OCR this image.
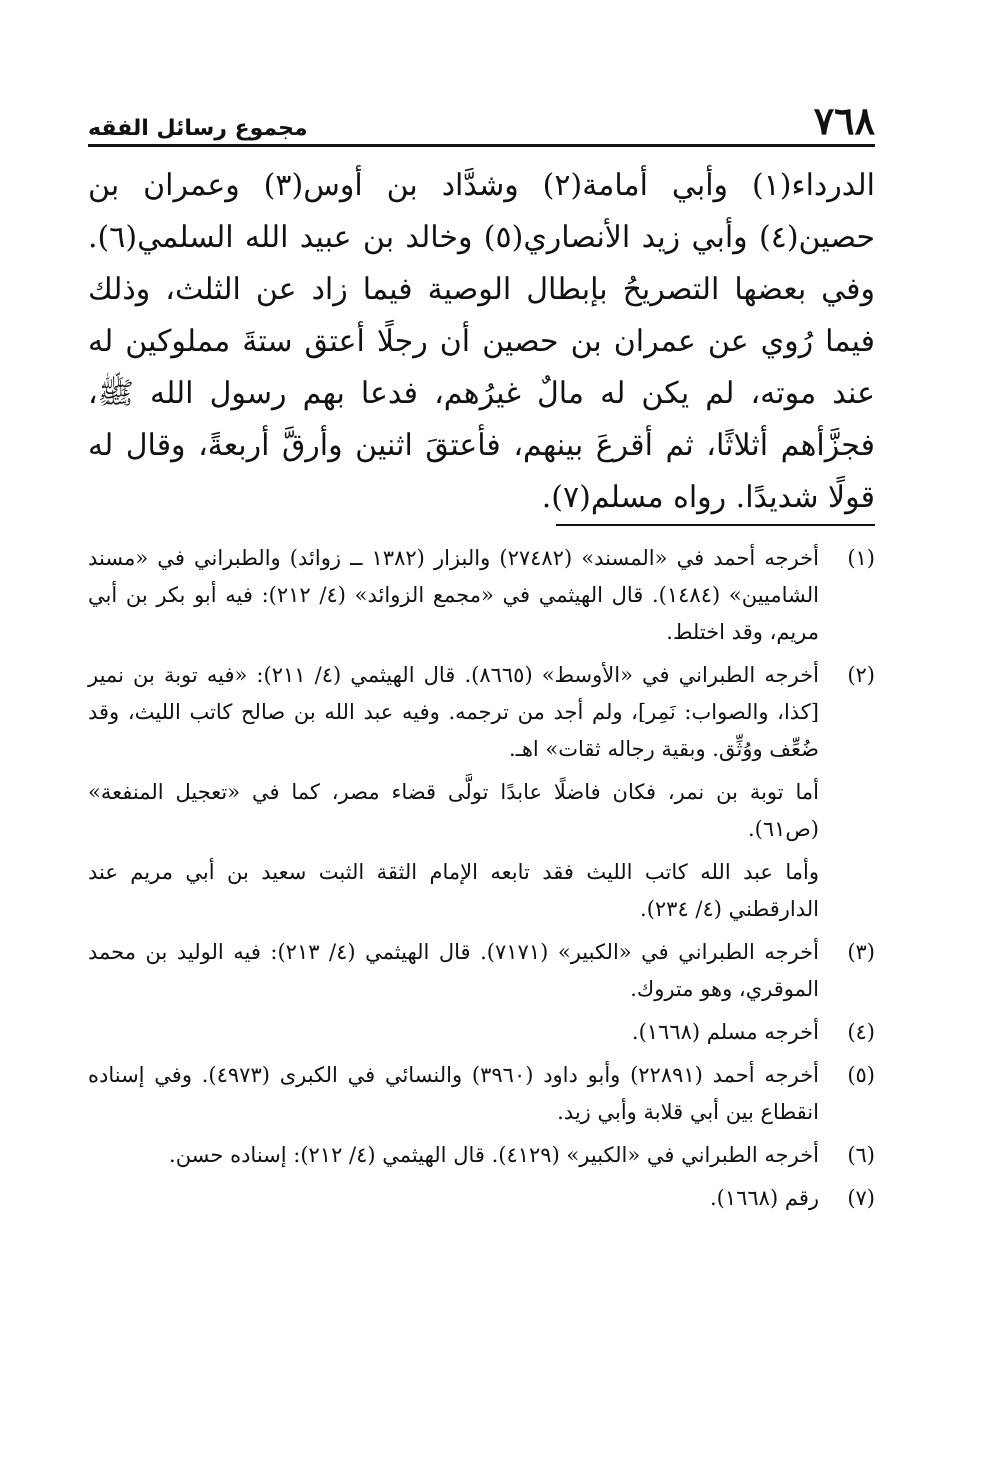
٧٦٨
مجموع رسائل الفقه

الدرداء(١) وأبي أمامة(٢) وشدَّاد بن أوس(٣) وعمران بن حصين(٤) وأبي زيد الأنصاري(٥) وخالد بن عبيد الله السلمي(٦). وفي بعضها التصريحُ بإبطال الوصية فيما زاد عن الثلث، وذلك فيما رُوي عن عمران بن حصين أن رجلًا أعتق ستةَ مملوكين له عند موته، لم يكن له مالٌ غيرُهم، فدعا بهم رسول الله ﷺ، فجزَّأهم أثلاثًا، ثم أقرعَ بينهم، فأعتقَ اثنين وأرقَّ أربعةً، وقال له قولًا شديدًا. رواه مسلم(٧).

(١)

أخرجه أحمد في «المسند» (٢٧٤٨٢) والبزار (١٣٨٢ ــ زوائد) والطبراني في «مسند الشاميين» (١٤٨٤). قال الهيثمي في «مجمع الزوائد» (٤/ ٢١٢): فيه أبو بكر بن أبي مريم، وقد اختلط.

(٢)

أخرجه الطبراني في «الأوسط» (٨٦٦٥). قال الهيثمي (٤/ ٢١١): «فيه توبة بن نمير [كذا، والصواب: نَمِر]، ولم أجد من ترجمه. وفيه عبد الله بن صالح كاتب الليث، وقد ضُعِّف ووُثِّق. وبقية رجاله ثقات» اهـ.

أما توبة بن نمر، فكان فاضلًا عابدًا تولَّى قضاء مصر، كما في «تعجيل المنفعة» (ص٦١).

وأما عبد الله كاتب الليث فقد تابعه الإمام الثقة الثبت سعيد بن أبي مريم عند الدارقطني (٤/ ٢٣٤).

(٣)

أخرجه الطبراني في «الكبير» (٧١٧١). قال الهيثمي (٤/ ٢١٣): فيه الوليد بن محمد الموقري، وهو متروك.

(٤)

أخرجه مسلم (١٦٦٨).

(٥)

أخرجه أحمد (٢٢٨٩١) وأبو داود (٣٩٦٠) والنسائي في الكبرى (٤٩٧٣). وفي إسناده انقطاع بين أبي قلابة وأبي زيد.

(٦)

أخرجه الطبراني في «الكبير» (٤١٢٩). قال الهيثمي (٤/ ٢١٢): إسناده حسن.

(٧)

رقم (١٦٦٨).
